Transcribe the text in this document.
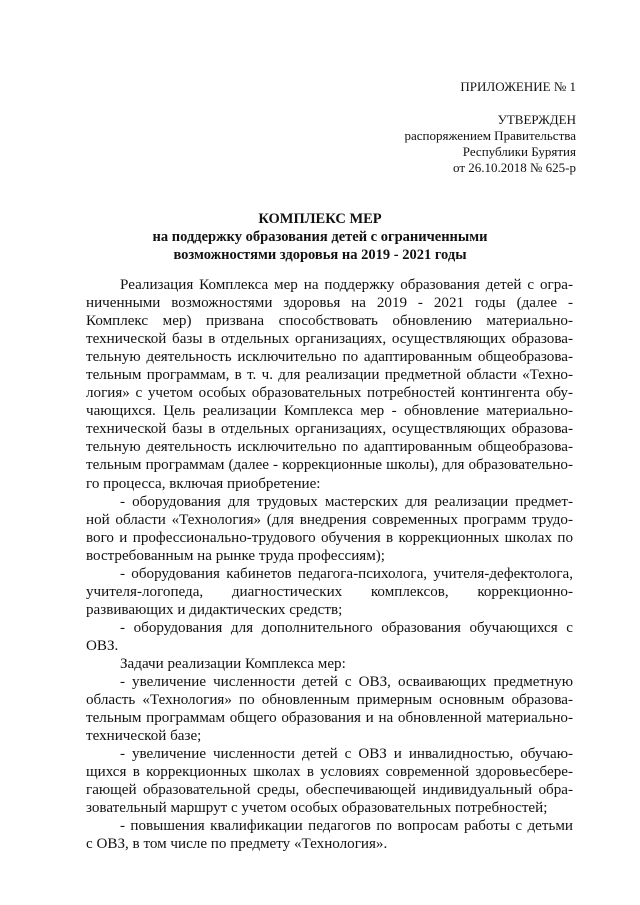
ПРИЛОЖЕНИЕ № 1
УТВЕРЖДЕН
распоряжением Правительства
Республики Бурятия
от 26.10.2018 № 625-р
КОМПЛЕКС МЕР
на поддержку образования детей с ограниченными
возможностями здоровья на 2019 - 2021 годы
Реализация Комплекса мер на поддержку образования детей с огра-
ниченными возможностями здоровья на 2019 - 2021 годы (далее -
Комплекс мер) призвана способствовать обновлению материально-
технической базы в отдельных организациях, осуществляющих образова-
тельную деятельность исключительно по адаптированным общеобразова-
тельным программам, в т. ч. для реализации предметной области «Техно-
логия» с учетом особых образовательных потребностей контингента обу-
чающихся. Цель реализации Комплекса мер - обновление материально-
технической базы в отдельных организациях, осуществляющих образова-
тельную деятельность исключительно по адаптированным общеобразова-
тельным программам (далее - коррекционные школы), для образовательно-
го процесса, включая приобретение:
- оборудования для трудовых мастерских для реализации предмет-
ной области «Технология» (для внедрения современных программ трудо-
вого и профессионально-трудового обучения в коррекционных школах по
востребованным на рынке труда профессиям);
- оборудования кабинетов педагога-психолога, учителя-дефектолога,
учителя-логопеда, диагностических комплексов, коррекционно-
развивающих и дидактических средств;
- оборудования для дополнительного образования обучающихся с
ОВЗ.
Задачи реализации Комплекса мер:
- увеличение численности детей с ОВЗ, осваивающих предметную
область «Технология» по обновленным примерным основным образова-
тельным программам общего образования и на обновленной материально-
технической базе;
- увеличение численности детей с ОВЗ и инвалидностью, обучаю-
щихся в коррекционных школах в условиях современной здоровьесбере-
гающей образовательной среды, обеспечивающей индивидуальный обра-
зовательный маршрут с учетом особых образовательных потребностей;
- повышения квалификации педагогов по вопросам работы с детьми
с ОВЗ, в том числе по предмету «Технология».
